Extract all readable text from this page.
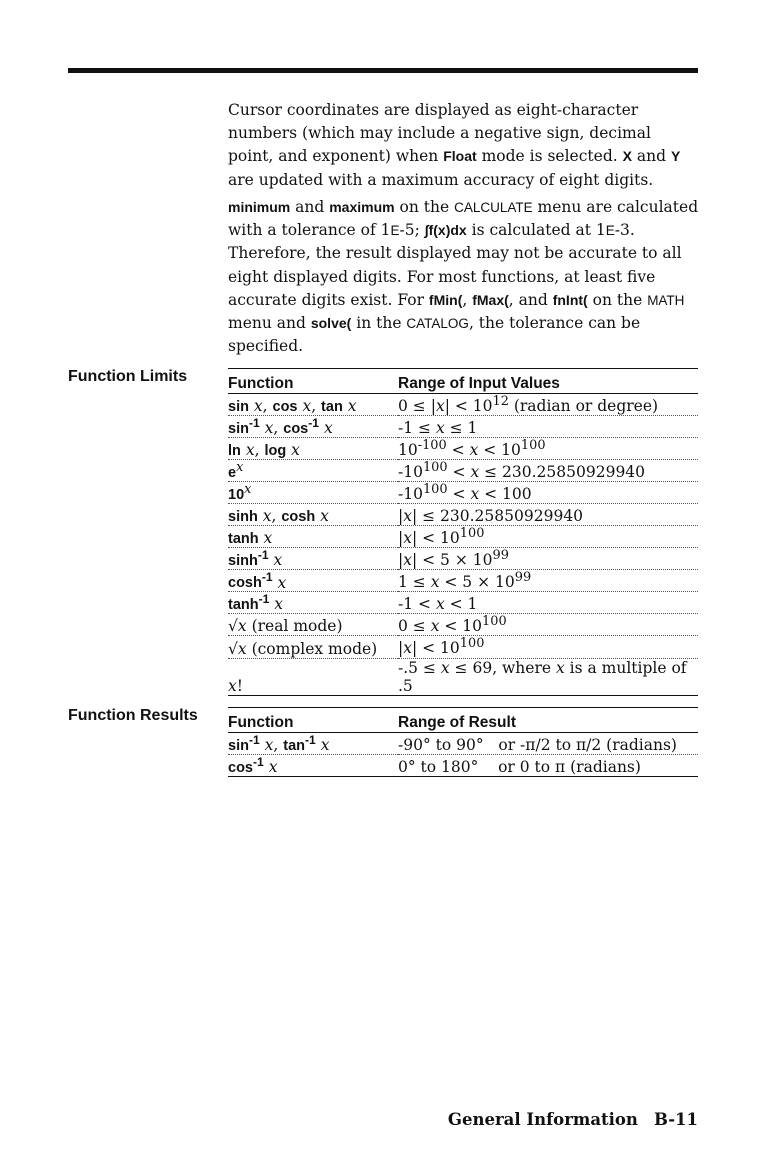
Cursor coordinates are displayed as eight-character numbers (which may include a negative sign, decimal point, and exponent) when Float mode is selected. X and Y are updated with a maximum accuracy of eight digits.

minimum and maximum on the CALCULATE menu are calculated with a tolerance of 1E-5; ∫f(x)dx is calculated at 1E-3. Therefore, the result displayed may not be accurate to all eight displayed digits. For most functions, at least five accurate digits exist. For fMin(, fMax(, and fnInt( on the MATH menu and solve( in the CATALOG, the tolerance can be specified.

Function Limits	Function	Range of Input Values
sin x, cos x, tan x	$0 \le |x| < 10^{12}$ (radian or degree)
$\sin^{-1} x$, $\cos^{-1} x$	-1 ≤ x ≤ 1
ln x, log x	$10^{-100} < x < 10^{100}$
$e^x$	$-10^{100} < x \le 230.25850929940$
10$^x$	$-10^{100} < x < 100$
sinh x, cosh x	|x| ≤ 230.25850929940
tanh x	$|x| < 10^{100}$
$\sinh^{-1} x$	$|x| < 5 \times 10^{99}$
$\cosh^{-1} x$	$1 \le x < 5 \times 10^{99}$
$\tanh^{-1} x$	-1 < x < 1
√x (real mode)	$0 \le x < 10^{100}$
√x (complex mode)	$|x| < 10^{100}$
x!	-.5 ≤ x ≤ 69, where x is a multiple of .5
Function Results Function	Range of Result
$\sin^{-1} x$, $\tan^{-1} x$	-90° to 90°   or -π/2 to π/2 (radians)
$\cos^{-1} x$	0° to 180°    or 0 to π (radians)
General Information B-11
